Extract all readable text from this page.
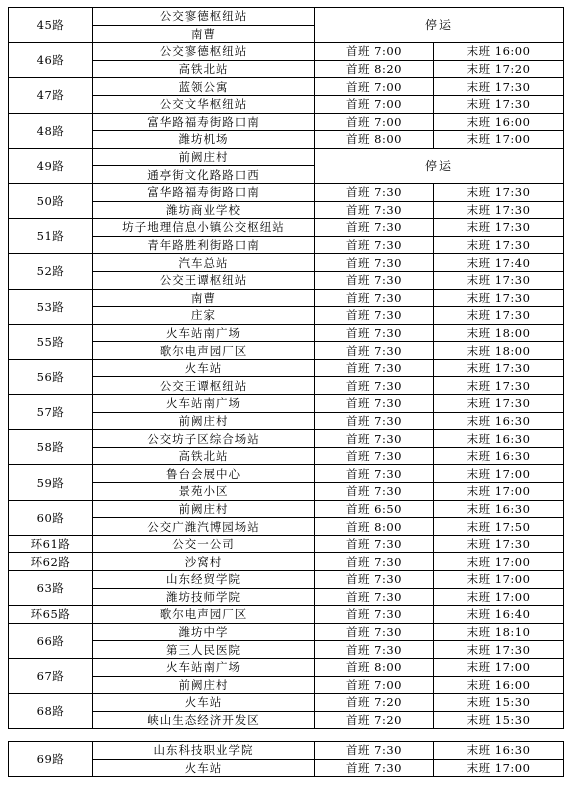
45路	公交寥德枢纽站	停运	
	南曹		
46路	公交寥德枢纽站	首班 7:00	末班 16:00
	高铁北站	首班 8:20	末班 17:20
47路	蓝领公寓	首班 7:00	末班 17:30
	公交文华枢纽站	首班 7:00	末班 17:30
48路	富华路福寿街路口南	首班 7:00	末班 16:00
	潍坊机场	首班 8:00	末班 17:00
49路	前阙庄村	停运	
	通亭街文化路路口西		
50路	富华路福寿街路口南	首班 7:30	末班 17:30
	潍坊商业学校	首班 7:30	末班 17:30
51路	坊子地理信息小镇公交枢纽站	首班 7:30	末班 17:30
	青年路胜利街路口南	首班 7:30	末班 17:30
52路	汽车总站	首班 7:30	末班 17:40
	公交王谭枢纽站	首班 7:30	末班 17:30
53路	南曹	首班 7:30	末班 17:30
	庄家	首班 7:30	末班 17:30
55路	火车站南广场	首班 7:30	末班 18:00
	歌尔电声园厂区	首班 7:30	末班 18:00
56路	火车站	首班 7:30	末班 17:30
	公交王谭枢纽站	首班 7:30	末班 17:30
57路	火车站南广场	首班 7:30	末班 17:30
	前阙庄村	首班 7:30	末班 16:30
58路	公交坊子区综合场站	首班 7:30	末班 16:30
	高铁北站	首班 7:30	末班 16:30
59路	鲁台会展中心	首班 7:30	末班 17:00
	景苑小区	首班 7:30	末班 17:00
60路	前阙庄村	首班 6:50	末班 16:30
	公交广潍汽博园场站	首班 8:00	末班 17:50
环61路	公交一公司	首班 7:30	末班 17:30
环62路	沙窝村	首班 7:30	末班 17:00
63路	山东经贸学院	首班 7:30	末班 17:00
	潍坊技师学院	首班 7:30	末班 17:00
环65路	歌尔电声园厂区	首班 7:30	末班 16:40
66路	潍坊中学	首班 7:30	末班 18:10
	第三人民医院	首班 7:30	末班 17:30
67路	火车站南广场	首班 8:00	末班 17:00
	前阙庄村	首班 7:00	末班 16:00
68路	火车站	首班 7:20	末班 15:30
	峡山生态经济开发区	首班 7:20	末班 15:30
69路	山东科技职业学院	首班 7:30	末班 16:30
	火车站	首班 7:30	末班 17:00
